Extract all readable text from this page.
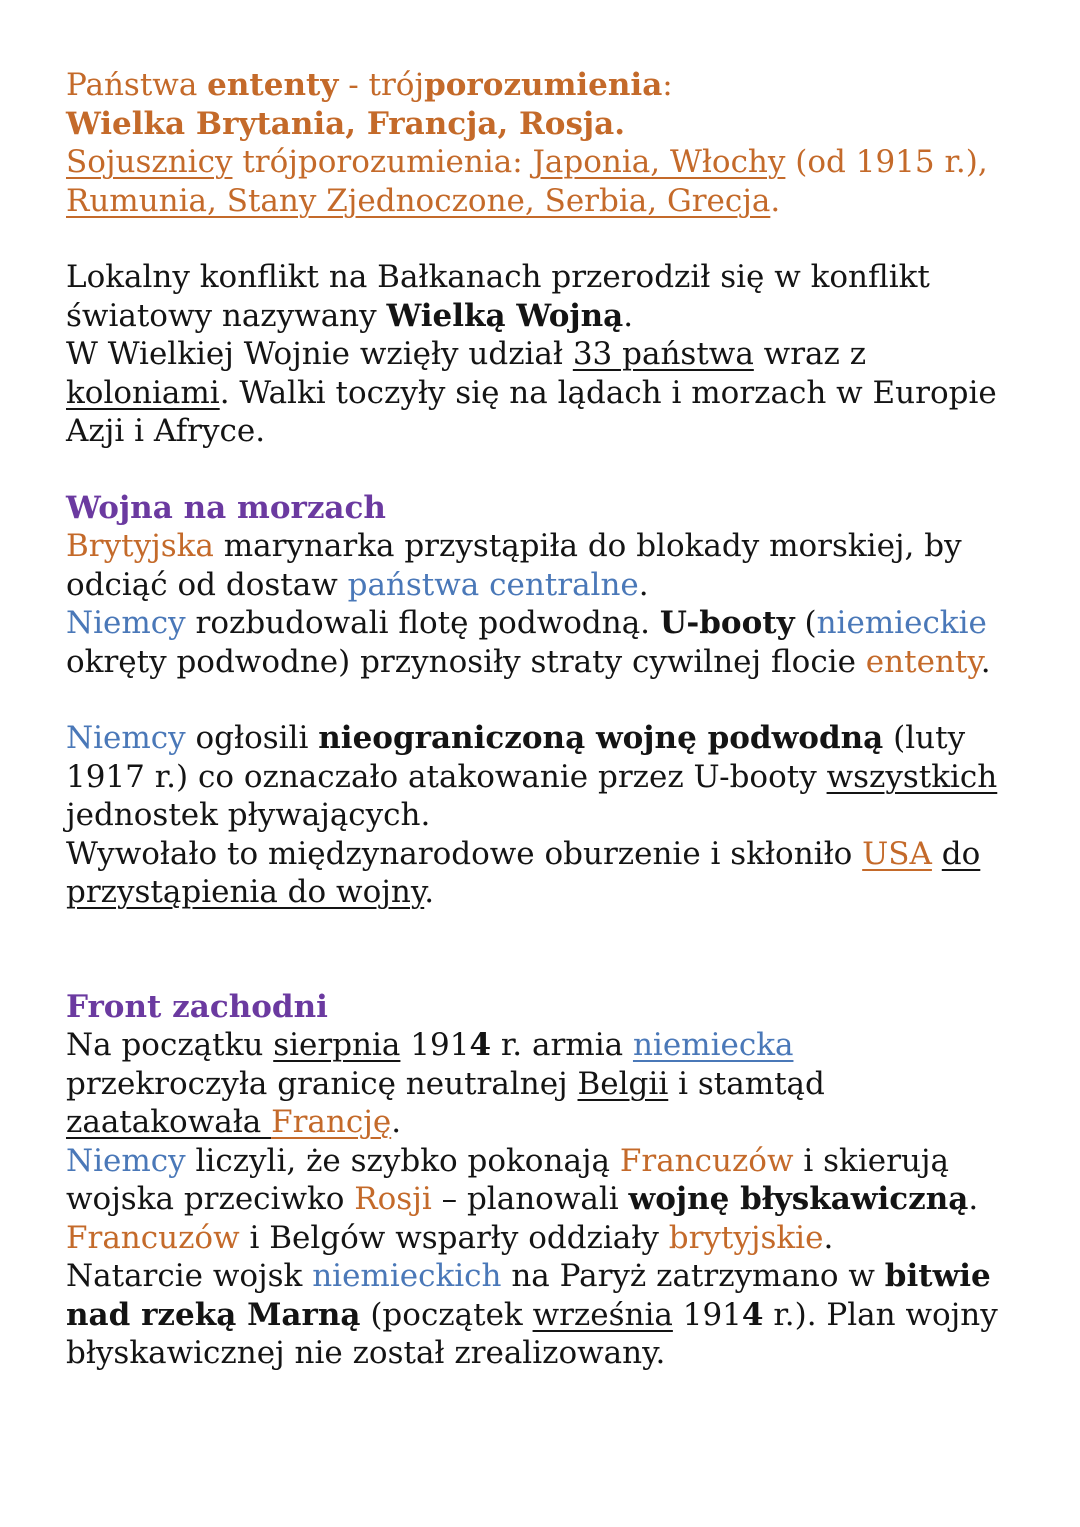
Państwa ententy - trójporozumienia:
Wielka Brytania, Francja, Rosja.
Sojusznicy trójporozumienia: Japonia, Włochy (od 1915 r.),
Rumunia, Stany Zjednoczone, Serbia, Grecja.

Lokalny konflikt na Bałkanach przerodził się w konflikt
światowy nazywany Wielką Wojną.
W Wielkiej Wojnie wzięły udział 33 państwa wraz z
koloniami. Walki toczyły się na lądach i morzach w Europie
Azji i Afryce.

Wojna na morzach

Brytyjska marynarka przystąpiła do blokady morskiej, by
odciąć od dostaw państwa centralne.
Niemcy rozbudowali flotę podwodną. U-booty (niemieckie
okręty podwodne) przynosiły straty cywilnej flocie ententy.

Niemcy ogłosili nieograniczoną wojnę podwodną (luty
1917 r.) co oznaczało atakowanie przez U-booty wszystkich
jednostek pływających.
Wywołało to międzynarodowe oburzenie i skłoniło USA do
przystąpienia do wojny.

Front zachodni

Na początku sierpnia 1914 r. armia niemiecka
przekroczyła granicę neutralnej Belgii i stamtąd
zaatakowała Francję.
Niemcy liczyli, że szybko pokonają Francuzów i skierują
wojska przeciwko Rosji – planowali wojnę błyskawiczną.
Francuzów i Belgów wsparły oddziały brytyjskie.
Natarcie wojsk niemieckich na Paryż zatrzymano w bitwie
nad rzeką Marną (początek września 1914 r.). Plan wojny
błyskawicznej nie został zrealizowany.
